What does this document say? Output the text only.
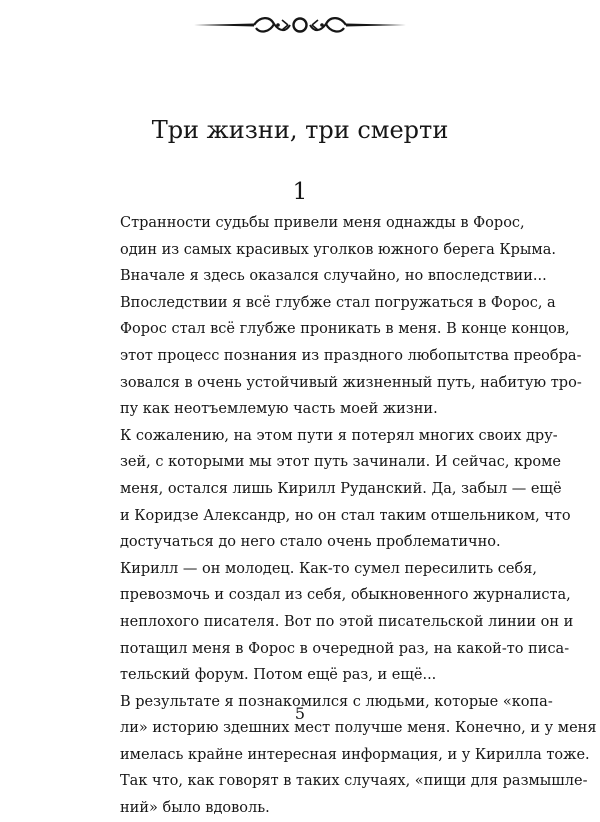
Три жизни, три смерти
1

Странности судьбы привели меня однажды в Форос,
один из самых красивых уголков южного берега Крыма.
Вначале я здесь оказался случайно, но впоследствии...

Впоследствии я всё глубже стал погружаться в Форос, а
Форос стал всё глубже проникать в меня. В конце концов,
этот процесс познания из праздного любопытства преобра-
зовался в очень устойчивый жизненный путь, набитую тро-
пу как неотъемлемую часть моей жизни.

К сожалению, на этом пути я потерял многих своих дру-
зей, с которыми мы этот путь зачинали. И сейчас, кроме
меня, остался лишь Кирилл Руданский. Да, забыл — ещё
и Коридзе Александр, но он стал таким отшельником, что
достучаться до него стало очень проблематично.

Кирилл — он молодец. Как-то сумел пересилить себя,
превозмочь и создал из себя, обыкновенного журналиста,
неплохого писателя. Вот по этой писательской линии он и
потащил меня в Форос в очередной раз, на какой-то писа-
тельский форум. Потом ещё раз, и ещё...

В результате я познакомился с людьми, которые «копа-
ли» историю здешних мест получше меня. Конечно, и у меня
имелась крайне интересная информация, и у Кирилла тоже.
Так что, как говорят в таких случаях, «пищи для размышле-
ний» было вдоволь.

5
